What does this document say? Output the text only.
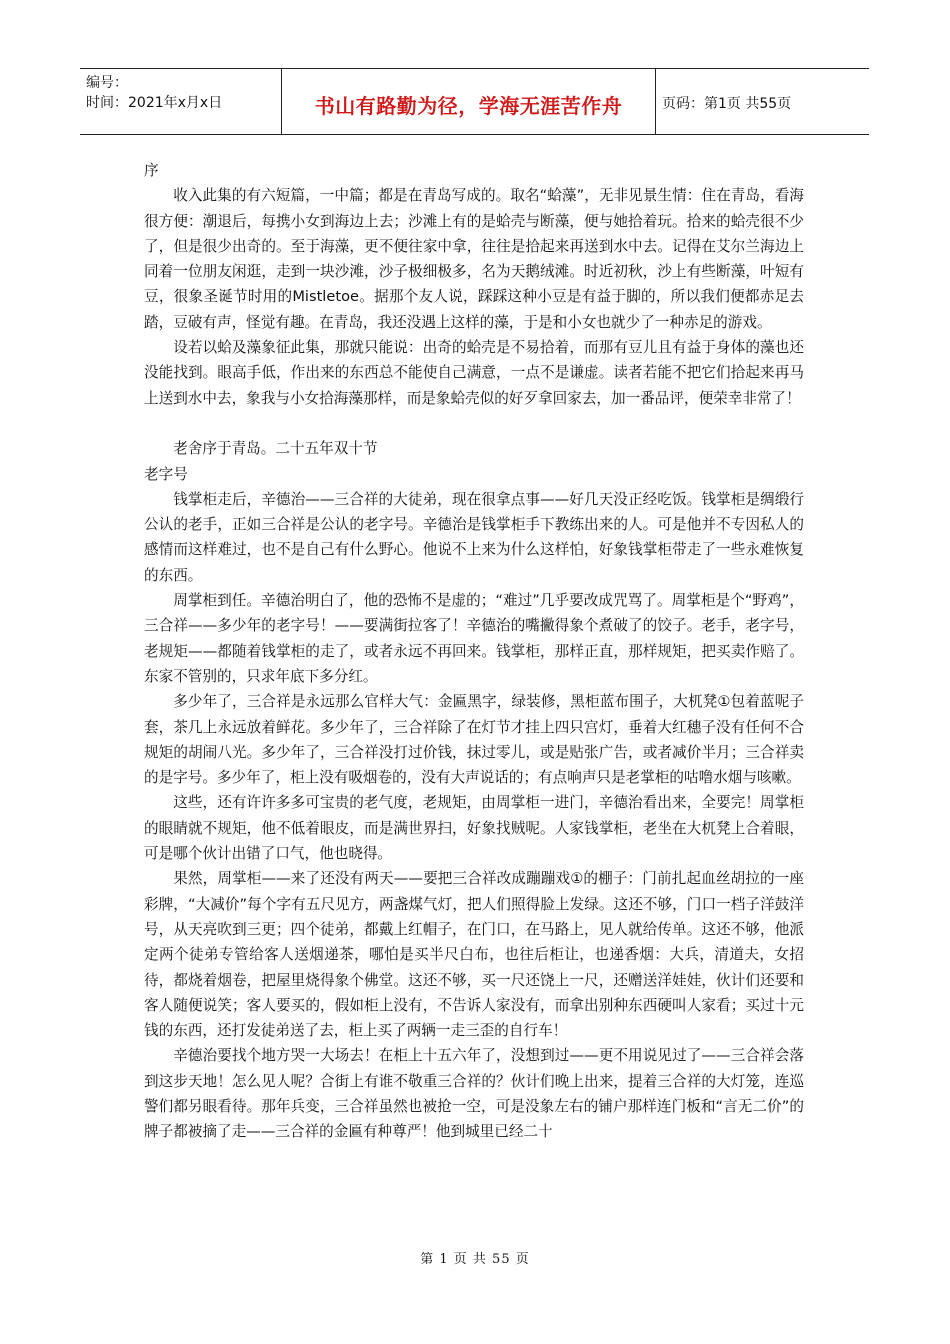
编号：
时间：2021年x月x日	书山有路勤为径，学海无涯苦作舟	页码：第1页 共55页

序

收入此集的有六短篇，一中篇；都是在青岛写成的。取名“蛤藻”，无非见景生情：住在青岛，看海很方便：潮退后，每携小女到海边上去；沙滩上有的是蛤壳与断藻，便与她拾着玩。拾来的蛤壳很不少了，但是很少出奇的。至于海藻，更不便往家中拿，往往是拾起来再送到水中去。记得在艾尔兰海边上同着一位朋友闲逛，走到一块沙滩，沙子极细极多，名为天鹅绒滩。时近初秋，沙上有些断藻，叶短有豆，很象圣诞节时用的Mistletoe。据那个友人说，踩踩这种小豆是有益于脚的，所以我们便都赤足去踏，豆破有声，怪觉有趣。在青岛，我还没遇上这样的藻，于是和小女也就少了一种赤足的游戏。

设若以蛤及藻象征此集，那就只能说：出奇的蛤壳是不易拾着，而那有豆儿且有益于身体的藻也还没能找到。眼高手低，作出来的东西总不能使自己满意，一点不是谦虚。读者若能不把它们拾起来再马上送到水中去，象我与小女拾海藻那样，而是象蛤壳似的好歹拿回家去，加一番品评，便荣幸非常了！

老舍序于青岛。二十五年双十节

老字号

钱掌柜走后，辛德治——三合祥的大徒弟，现在很拿点事——好几天没正经吃饭。钱掌柜是绸缎行公认的老手，正如三合祥是公认的老字号。辛德治是钱掌柜手下教练出来的人。可是他并不专因私人的感情而这样难过，也不是自己有什么野心。他说不上来为什么这样怕，好象钱掌柜带走了一些永难恢复的东西。

周掌柜到任。辛德治明白了，他的恐怖不是虚的；“难过”几乎要改成咒骂了。周掌柜是个“野鸡”，三合祥——多少年的老字号！——要满街拉客了！辛德治的嘴撇得象个煮破了的饺子。老手，老字号，老规矩——都随着钱掌柜的走了，或者永远不再回来。钱掌柜，那样正直，那样规矩，把买卖作赔了。东家不管别的，只求年底下多分红。

多少年了，三合祥是永远那么官样大气：金匾黑字，绿装修，黑柜蓝布围子，大杌凳①包着蓝呢子套，茶几上永远放着鲜花。多少年了，三合祥除了在灯节才挂上四只宫灯，垂着大红穗子没有任何不合规矩的胡闹八光。多少年了，三合祥没打过价钱，抹过零儿，或是贴张广告，或者减价半月；三合祥卖的是字号。多少年了，柜上没有吸烟卷的，没有大声说话的；有点响声只是老掌柜的咕噜水烟与咳嗽。

这些，还有许许多多可宝贵的老气度，老规矩，由周掌柜一进门，辛德治看出来，全要完！周掌柜的眼睛就不规矩，他不低着眼皮，而是满世界扫，好象找贼呢。人家钱掌柜，老坐在大杌凳上合着眼，可是哪个伙计出错了口气，他也晓得。

果然，周掌柜——来了还没有两天——要把三合祥改成蹦蹦戏①的棚子：门前扎起血丝胡拉的一座彩牌，“大减价”每个字有五尺见方，两盏煤气灯，把人们照得脸上发绿。这还不够，门口一档子洋鼓洋号，从天亮吹到三更；四个徒弟，都戴上红帽子，在门口，在马路上，见人就给传单。这还不够，他派定两个徒弟专管给客人送烟递茶，哪怕是买半尺白布，也往后柜让，也递香烟：大兵，清道夫，女招待，都烧着烟卷，把屋里烧得象个佛堂。这还不够，买一尺还饶上一尺，还赠送洋娃娃，伙计们还要和客人随便说笑；客人要买的，假如柜上没有，不告诉人家没有，而拿出别种东西硬叫人家看；买过十元钱的东西，还打发徒弟送了去，柜上买了两辆一走三歪的自行车！

辛德治要找个地方哭一大场去！在柜上十五六年了，没想到过——更不用说见过了——三合祥会落到这步天地！怎么见人呢？合街上有谁不敬重三合祥的？伙计们晚上出来，提着三合祥的大灯笼，连巡警们都另眼看待。那年兵变，三合祥虽然也被抢一空，可是没象左右的铺户那样连门板和“言无二价”的牌子都被摘了走——三合祥的金匾有种尊严！他到城里已经二十

第 1 页 共 55 页
